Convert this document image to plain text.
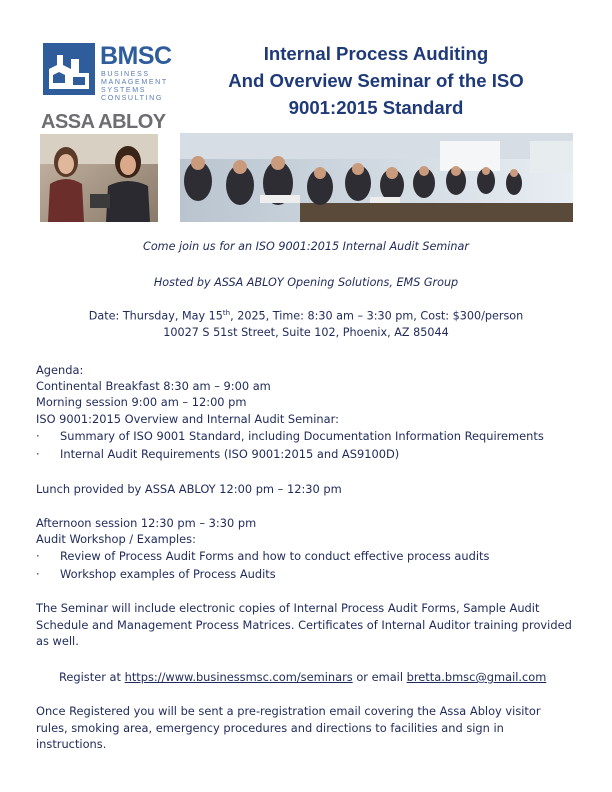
BMSC
BUSINESS MANAGEMENT SYSTEMS CONSULTING
ASSA ABLOY
Internal Process Auditing
And Overview Seminar of the ISO
9001:2015 Standard
Come join us for an ISO 9001:2015 Internal Audit Seminar
Hosted by ASSA ABLOY Opening Solutions, EMS Group
Date: Thursday, May 15th, 2025, Time: 8:30 am – 3:30 pm, Cost: $300/person
10027 S 51st Street, Suite 102, Phoenix, AZ 85044
Agenda:
Continental Breakfast 8:30 am – 9:00 am
Morning session 9:00 am – 12:00 pm
ISO 9001:2015 Overview and Internal Audit Seminar:
·	Summary of ISO 9001 Standard, including Documentation Information Requirements
·	Internal Audit Requirements (ISO 9001:2015 and AS9100D)
Lunch provided by ASSA ABLOY 12:00 pm – 12:30 pm
Afternoon session 12:30 pm – 3:30 pm
Audit Workshop / Examples:
·	Review of Process Audit Forms and how to conduct effective process audits
·	Workshop examples of Process Audits
The Seminar will include electronic copies of Internal Process Audit Forms, Sample Audit Schedule and Management Process Matrices. Certificates of Internal Auditor training provided as well.
Register at https://www.businessmsc.com/seminars or email bretta.bmsc@gmail.com
Once Registered you will be sent a pre-registration email covering the Assa Abloy visitor rules, smoking area, emergency procedures and directions to facilities and sign in instructions.
